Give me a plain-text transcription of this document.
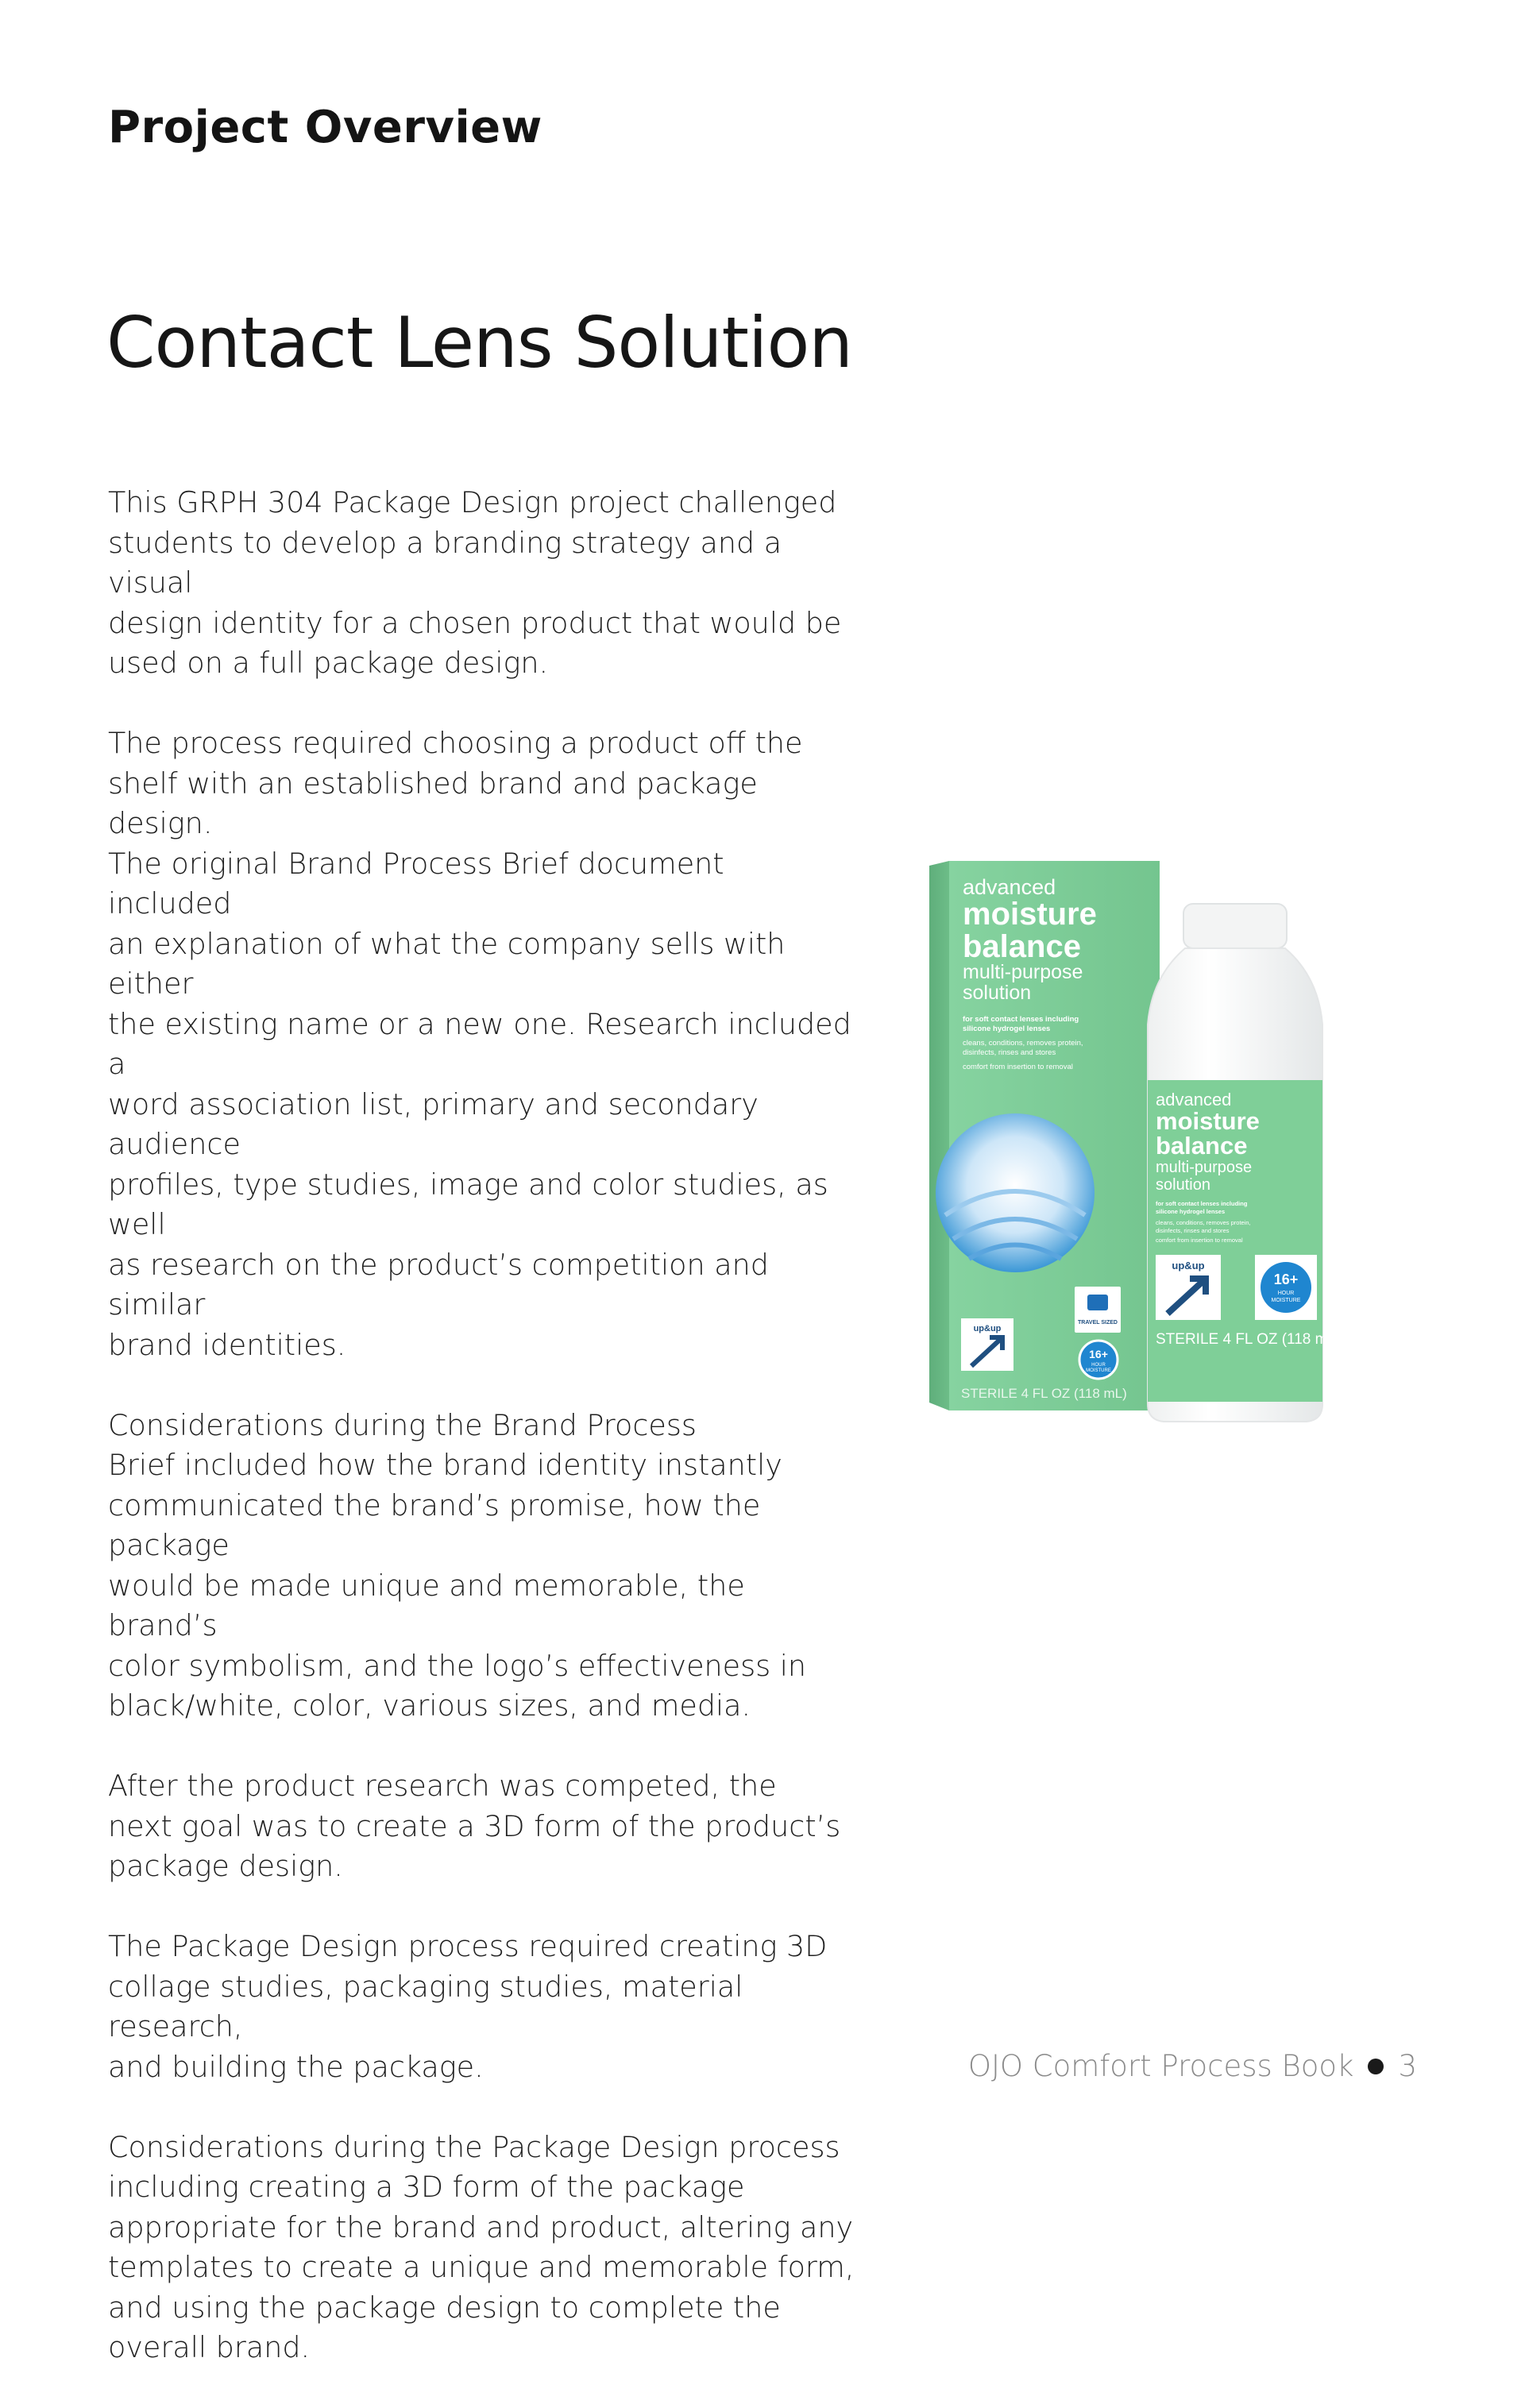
Project Overview
Contact Lens Solution

This GRPH 304 Package Design project challenged
students to develop a branding strategy and a visual
design identity for a chosen product that would be
used on a full package design.

The process required choosing a product off the
shelf with an established brand and package design.
The original Brand Process Brief document included
an explanation of what the company sells with either
the existing name or a new one. Research included a
word association list, primary and secondary audience
profiles, type studies, image and color studies, as well
as research on the product’s competition and similar
brand identities.

Considerations during the Brand Process
Brief included how the brand identity instantly
communicated the brand’s promise, how the package
would be made unique and memorable, the brand’s
color symbolism, and the logo’s effectiveness in
black/white, color, various sizes, and media.

After the product research was competed, the
next goal was to create a 3D form of the product’s
package design.

The Package Design process required creating 3D
collage studies, packaging studies, material research,
and building the package.

Considerations during the Package Design process
including creating a 3D form of the package
appropriate for the brand and product, altering any
templates to create a unique and memorable form,
and using the package design to complete the
overall brand.

advanced
moisture
balance
multi-purpose
solution
for soft contact lenses including
silicone hydrogel lenses
cleans, conditions, removes protein,
disinfects, rinses and stores
comfort from insertion to removal
TRAVEL SIZED
16+
HOUR
MOISTURE
up&up
STERILE 4 FL OZ (118 mL)
advanced
moisture
balance
multi-purpose
solution
for soft contact lenses including
silicone hydrogel lenses
cleans, conditions, removes protein,
disinfects, rinses and stores
comfort from insertion to removal
up&up
16+
HOUR
MOISTURE
STERILE 4 FL OZ (118 mL)
OJO Comfort Process Book 3
